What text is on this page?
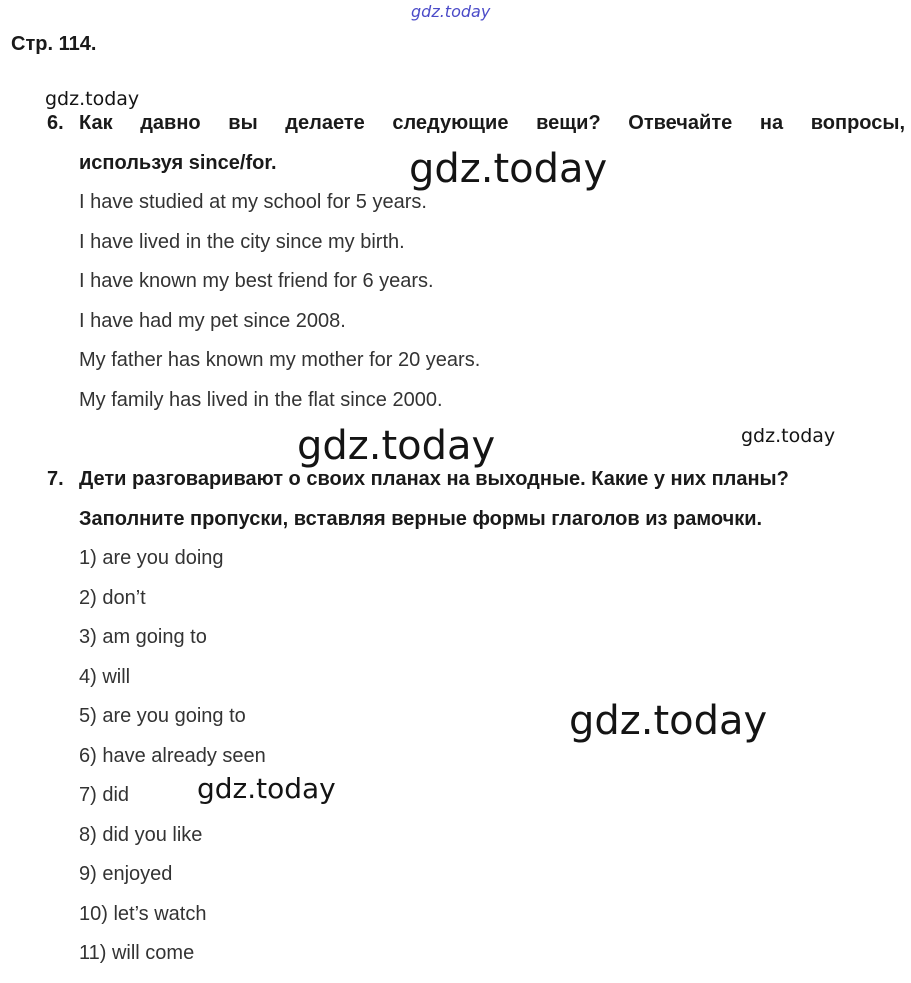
gdz.today
gdz.today
gdz.today
gdz.today	gdz.today
gdz.today
gdz.today
Стр. 114.
6. Как давно вы делаете следующие вещи? Отвечайте на вопросы,
используя since/for.
I have studied at my school for 5 years.
I have lived in the city since my birth.
I have known my best friend for 6 years.
I have had my pet since 2008.
My father has known my mother for 20 years.
My family has lived in the flat since 2000.
7. Дети разговаривают о своих планах на выходные. Какие у них планы?
Заполните пропуски, вставляя верные формы глаголов из рамочки.
1) are you doing
2) don’t
3) am going to
4) will
5) are you going to
6) have already seen
7) did
8) did you like
9) enjoyed
10) let’s watch
11) will come
